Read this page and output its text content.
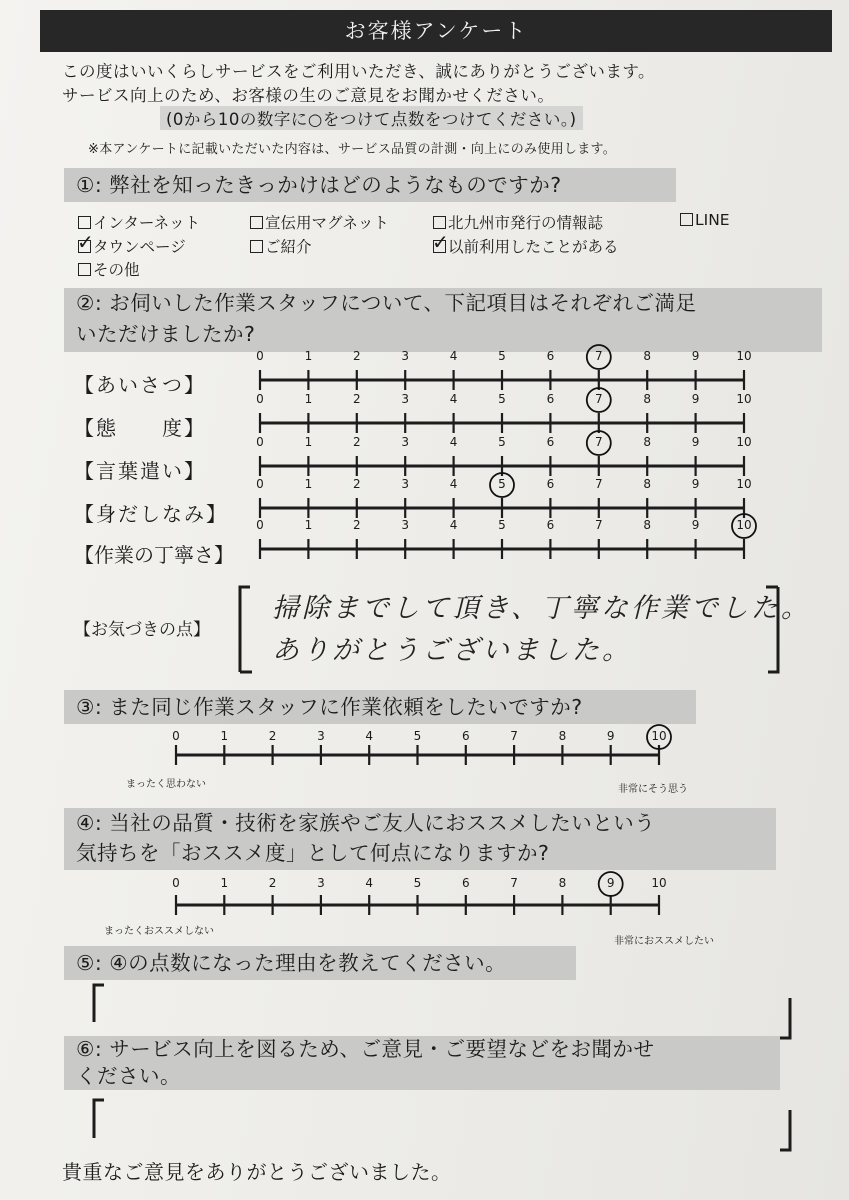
お客様アンケート
この度はいいくらしサービスをご利用いただき、誠にありがとうございます。
サービス向上のため、お客様の生のご意見をお聞かせください。
(0から10の数字に○をつけて点数をつけてください。)
※本アンケートに記載いただいた内容は、サービス品質の計測・向上にのみ使用します。
①: 弊社を知ったきっかけはどのようなものですか?
インターネット	宣伝用マグネット	北九州市発行の情報誌	LINE
✓ タウンページ	ご紹介	✓ 以前利用したことがある
その他
②: お伺いした作業スタッフについて、下記項目はそれぞれご満足
いただけましたか?
【あいさつ】
【態　　度】
【言葉遣い】
【身だしなみ】
【作業の丁寧さ】
【お気づきの点】
掃除までして頂き、丁寧な作業でした。
ありがとうございました。
③: また同じ作業スタッフに作業依頼をしたいですか?
まったく思わない	非常にそう思う
④: 当社の品質・技術を家族やご友人におススメしたいという
気持ちを「おススメ度」として何点になりますか?
まったくおススメしない
非常におススメしたい
⑤: ④の点数になった理由を教えてください。
⑥: サービス向上を図るため、ご意見・ご要望などをお聞かせ
ください。
貴重なご意見をありがとうございました。
0	1	2	3	4	5	6	7	8	9	10
0	1	2	3	4	5	6	7	8	9	10
0	1	2	3	4	5	6	7	8	9	10
0	1	2	3	4	5	6	7	8	9	10
0	1	2	3	4	5	6	7	8	9	10
0	1	2	3	4	5	6	7	8	9	10
0	1	2	3	4	5	6	7	8	9	10
